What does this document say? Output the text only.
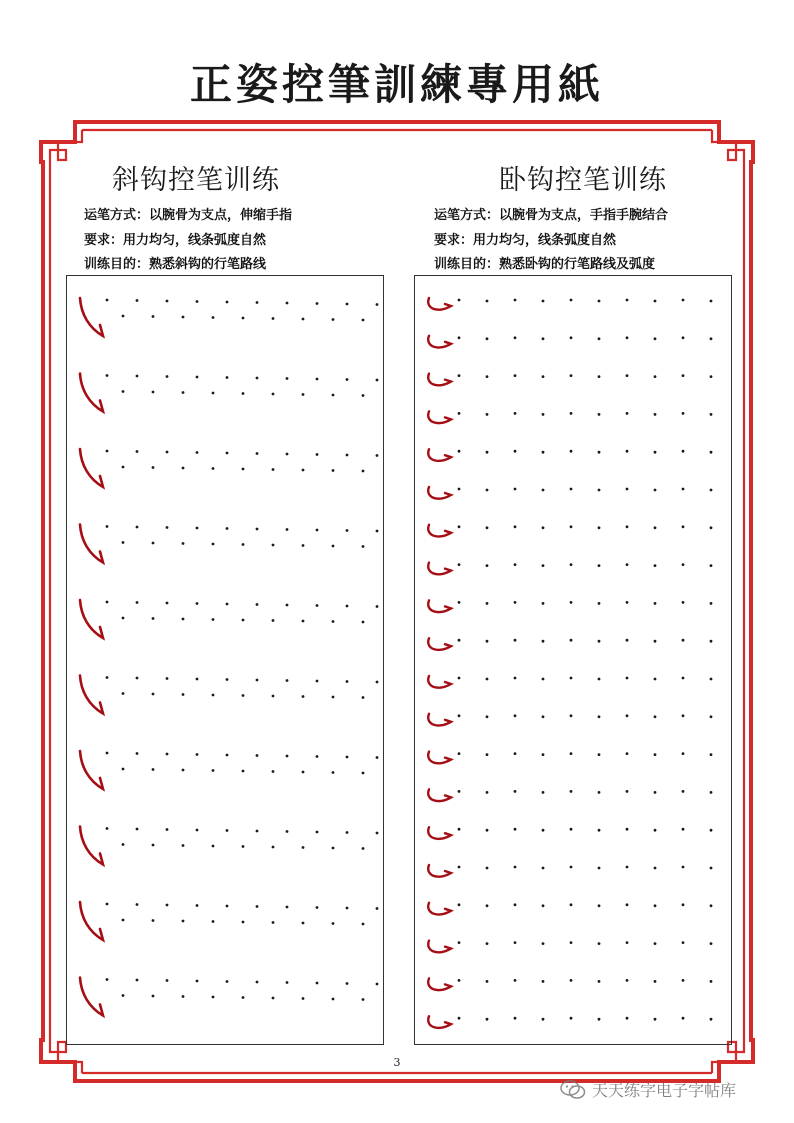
正姿控筆訓練專用紙
斜钩控笔训练
运笔方式：以腕骨为支点，伸缩手指
要求：用力均匀，线条弧度自然
训练目的：熟悉斜钩的行笔路线
卧钩控笔训练
运笔方式：以腕骨为支点，手指手腕结合
要求：用力均匀，线条弧度自然
训练目的：熟悉卧钩的行笔路线及弧度
3
天天练字电子字帖库
